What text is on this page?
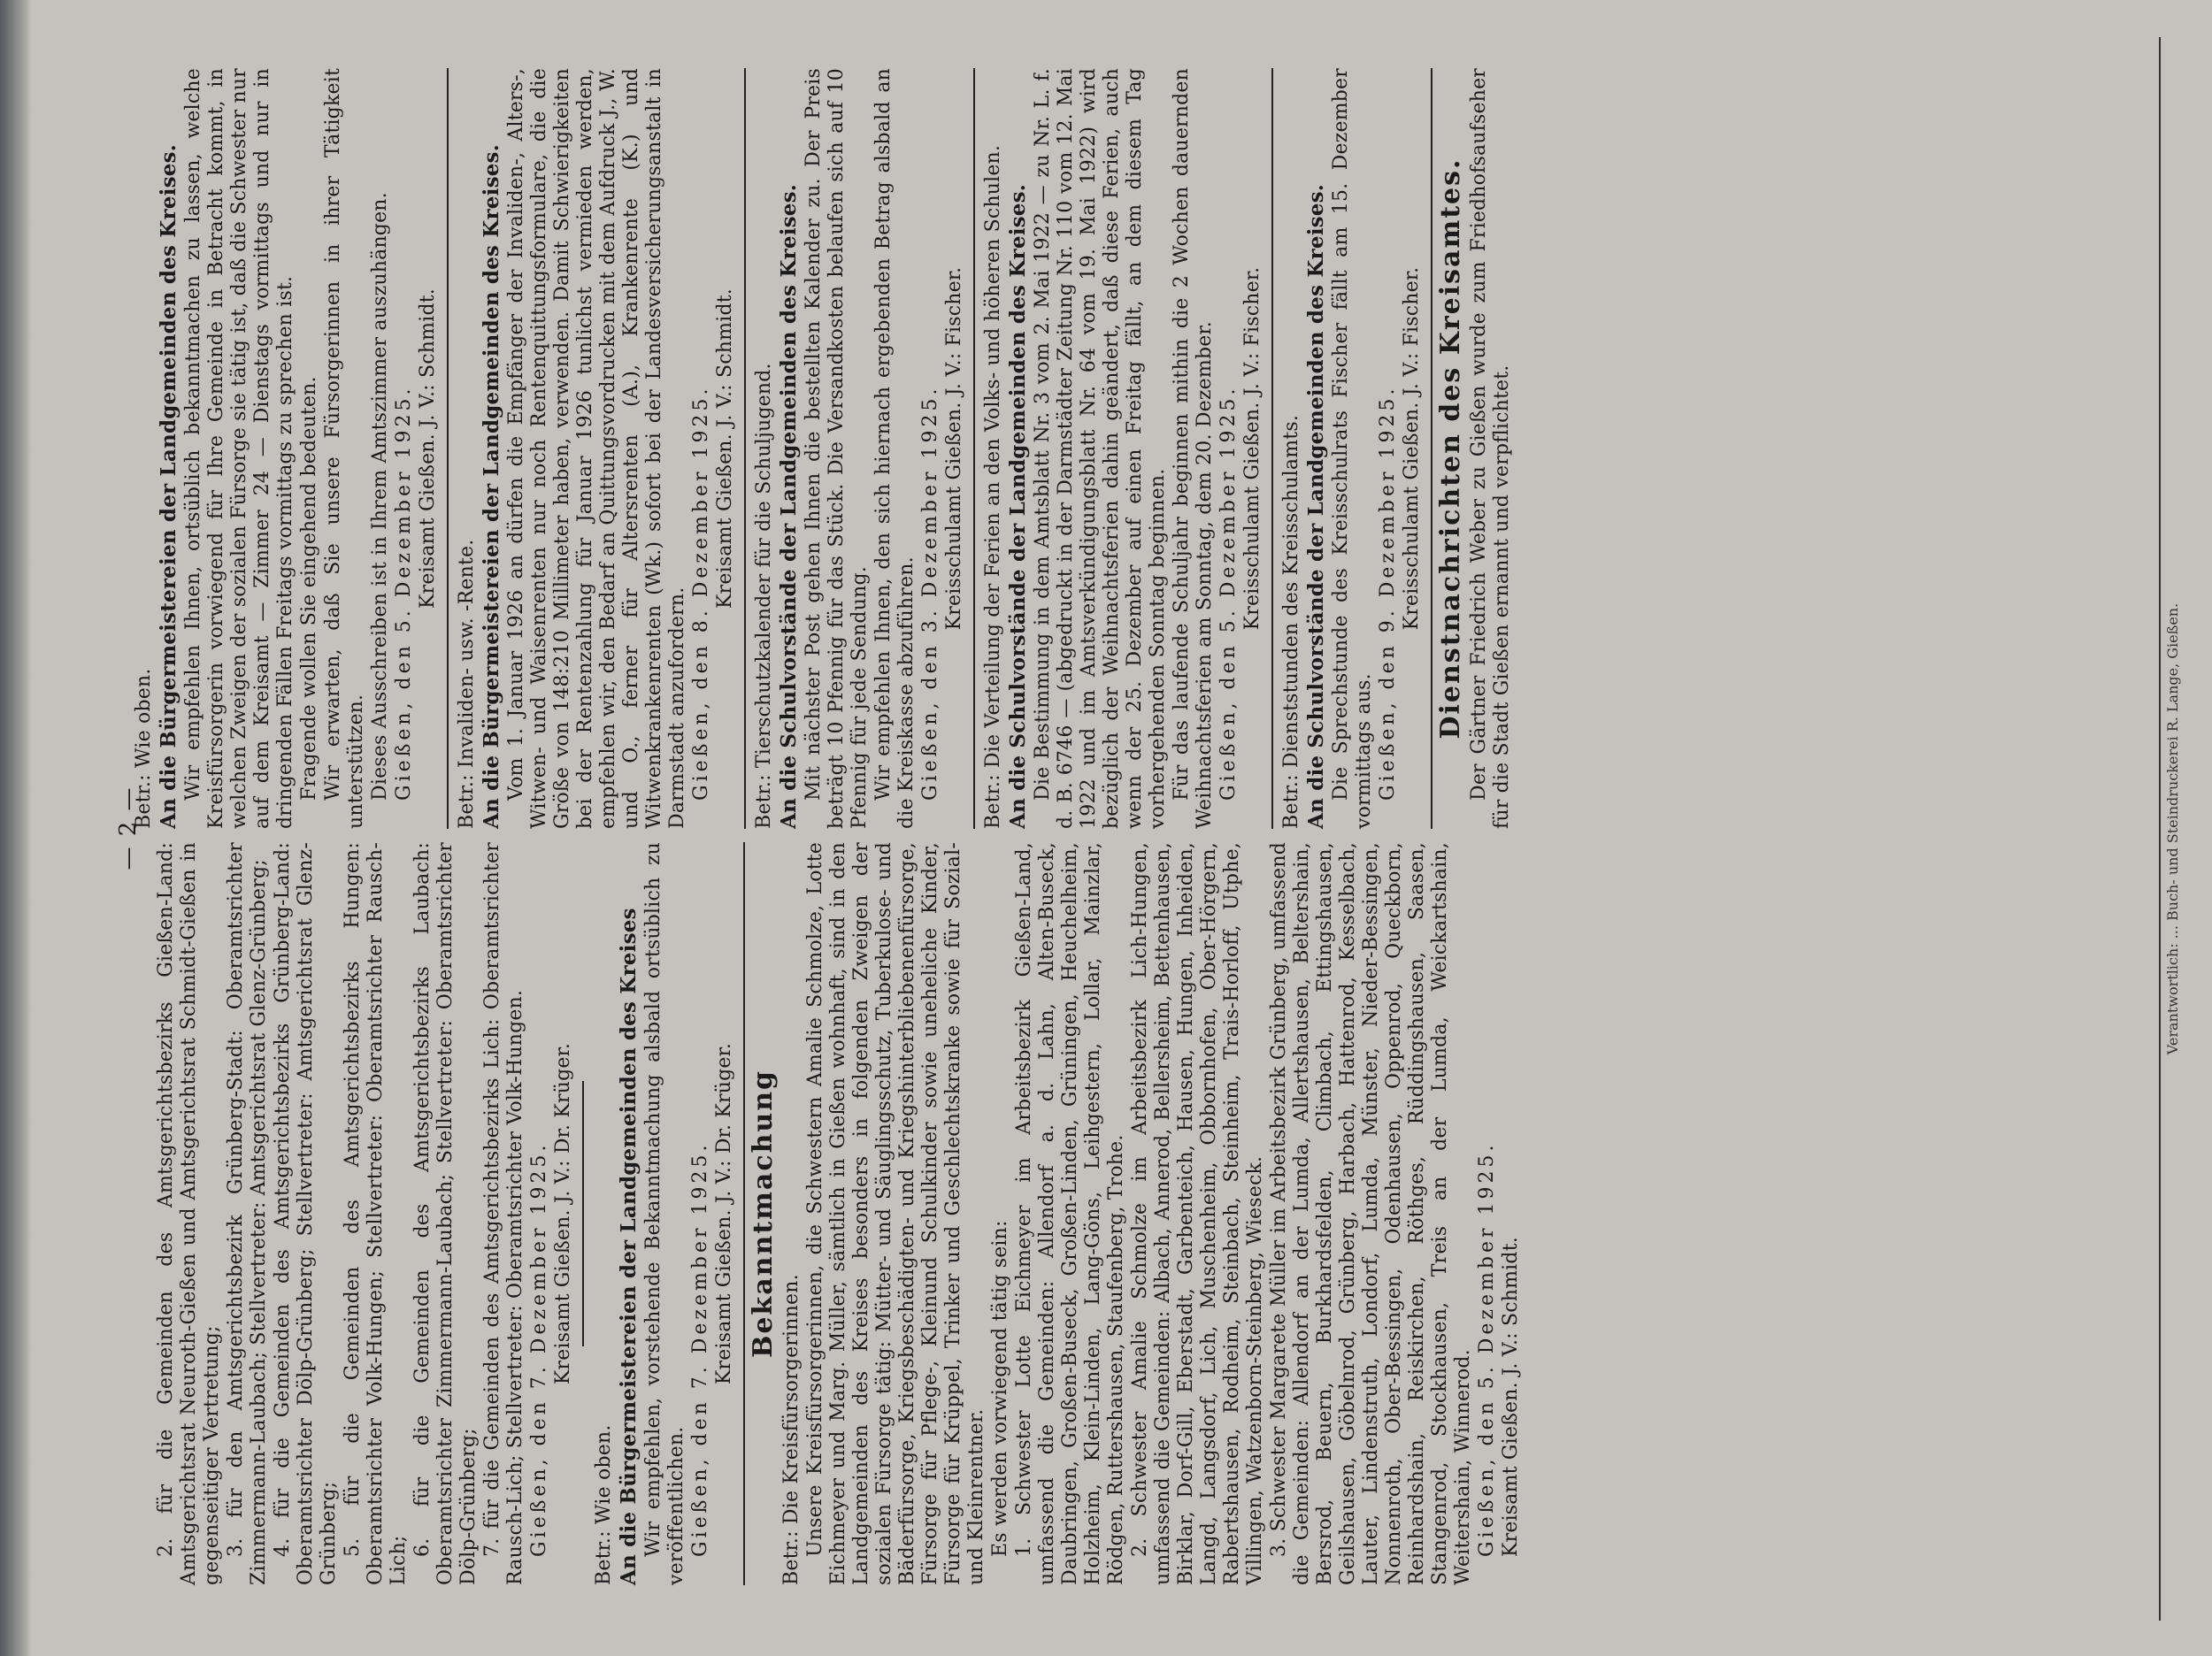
— 2 —

2. für die Gemeinden des Amtsgerichtsbezirks Gießen-Land: Amtsgerichtsrat Neuroth-Gießen und Amtsgerichtsrat Schmidt-Gießen in gegenseitiger Vertretung; 3. für den Amtsgerichtsbezirk Grünberg-Stadt: Oberamtsrichter Zimmermann-Laubach; Stellvertreter: Amtsgerichtsrat Glenz-Grünberg; 4. für die Gemeinden des Amtsgerichtsbezirks Grünberg-Land: Oberamtsrichter Dölp-Grünberg; Stellvertreter: Amtsgerichtsrat Glenz-Grünberg; 5. für die Gemeinden des Amtsgerichtsbezirks Hungen: Oberamtsrichter Volk-Hungen; Stellvertreter: Oberamtsrichter Rausch-Lich;

6. für die Gemeinden des Amtsgerichtsbezirks Laubach: Oberamtsrichter Zimmermann-Laubach; Stellvertreter: Oberamtsrichter Dölp-Grünberg; 7. für die Gemeinden des Amtsgerichtsbezirks Lich: Oberamtsrichter Rausch-Lich; Stellvertreter: Oberamtsrichter Volk-Hungen. Gießen, den 7. Dezember 1925. Kreisamt Gießen. J. V.: Dr. Krüger.

Betr.: Wie oben. An die Bürgermeistereien der Landgemeinden des Kreises Wir empfehlen, vorstehende Bekanntmachung alsbald ortsüblich zu veröffentlichen. Gießen, den 7. Dezember 1925. Kreisamt Gießen. J. V.: Dr. Krüger. Bekanntmachung

Betr.: Die Kreisfürsorgerinnen. Unsere Kreisfürsorgerinnen, die Schwestern Amalie Schmolze, Lotte Eichmeyer und Marg. Müller, sämtlich in Gießen wohnhaft, sind in den Landgemeinden des Kreises besonders in folgenden Zweigen der sozialen Fürsorge tätig: Mütter- und Säuglingsschutz, Tuberkulose- und Bäderfürsorge, Kriegsbeschädigten- und Kriegshinterbliebenenfürsorge, Fürsorge für Pflege-, Kleinund Schulkinder sowie uneheliche Kinder, Fürsorge für Krüppel, Trinker und Geschlechtskranke sowie für Sozial- und Kleinrentner. Es werden vorwiegend tätig sein: 1. Schwester Lotte Eichmeyer im Arbeitsbezirk Gießen-Land, umfassend die Gemeinden: Allendorf a. d. Lahn, Alten-Buseck, Daubringen, Großen-Buseck, Großen-Linden, Grüningen, Heuchelheim, Holzheim, Klein-Linden, Lang-Göns, Leihgestern, Lollar, Mainzlar, Rödgen, Ruttershausen, Staufenberg, Trohe. 2. Schwester Amalie Schmolze im Arbeitsbezirk Lich-Hungen, umfassend die Gemeinden: Albach, Annerod, Bellersheim, Bettenhausen, Birklar, Dorf-Gill, Eberstadt, Garbenteich, Hausen, Hungen, Inheiden, Langd, Langsdorf, Lich, Muschenheim, Obbornhofen, Ober-Hörgern, Rabertshausen, Rodheim, Steinbach, Steinheim, Trais-Horloff, Utphe, Villingen, Watzenborn-Steinberg, Wieseck. 3. Schwester Margarete Müller im Arbeitsbezirk Grünberg, umfassend die Gemeinden: Allendorf an der Lumda, Allertshausen, Beltershain, Bersrod, Beuern, Burkhardsfelden, Climbach, Ettingshausen, Geilshausen, Göbelnrod, Grünberg, Harbach, Hattenrod, Kesselbach, Lauter, Lindenstruth, Londorf, Lumda, Münster, Nieder-Bessingen, Nonnenroth, Ober-Bessingen, Odenhausen, Oppenrod, Queckborn, Reinhardshain, Reiskirchen, Röthges, Rüddingshausen, Saasen, Stangenrod, Stockhausen, Treis an der Lumda, Weickartshain, Weitershain, Winnerod. Gießen, den 5. Dezember 1925. Kreisamt Gießen. J. V.: Schmidt.

Betr.: Wie oben. An die Bürgermeistereien der Landgemeinden des Kreises. Wir empfehlen Ihnen, ortsüblich bekanntmachen zu lassen, welche Kreisfürsorgerin vorwiegend für Ihre Gemeinde in Betracht kommt, in welchen Zweigen der sozialen Fürsorge sie tätig ist, daß die Schwester nur auf dem Kreisamt — Zimmer 24 — Dienstags vormittags und nur in dringenden Fällen Freitags vormittags zu sprechen ist. Fragende wollen Sie eingehend bedeuten. Wir erwarten, daß Sie unsere Fürsorgerinnen in ihrer Tätigkeit unterstützen. Dieses Ausschreiben ist in Ihrem Amtszimmer auszuhängen. Gießen, den 5. Dezember 1925. Kreisamt Gießen. J. V.: Schmidt.

Betr.: Invaliden- usw. -Rente. An die Bürgermeistereien der Landgemeinden des Kreises. Vom 1. Januar 1926 an dürfen die Empfänger der Invaliden-, Alters-, Witwen- und Waisenrenten nur noch Rentenquittungsformulare, die die Größe von 148:210 Millimeter haben, verwenden. Damit Schwierigkeiten bei der Rentenzahlung für Januar 1926 tunlichst vermieden werden, empfehlen wir, den Bedarf an Quittungsvordrucken mit dem Aufdruck J., W. und O., ferner für Altersrenten (A.), Krankenrente (K.) und Witwenkrankenrenten (Wk.) sofort bei der Landesversicherungsanstalt in Darmstadt anzufordern. Gießen, den 8. Dezember 1925. Kreisamt Gießen. J. V.: Schmidt. Betr.: Tierschutzkalender für die Schuljugend. An die Schulvorstände der Landgemeinden des Kreises. Mit nächster Post gehen Ihnen die bestellten Kalender zu. Der Preis beträgt 10 Pfennig für das Stück. Die Versandkosten belaufen sich auf 10 Pfennig für jede Sendung. Wir empfehlen Ihnen, den sich hiernach ergebenden Betrag alsbald an die Kreiskasse abzuführen. Gießen, den 3. Dezember 1925. Kreisschulamt Gießen. J. V.: Fischer. Betr.: Die Verteilung der Ferien an den Volks- und höheren Schulen. An die Schulvorstände der Landgemeinden des Kreises. Die Bestimmung in dem Amtsblatt Nr. 3 vom 2. Mai 1922 — zu Nr. L. f. d. B. 6746 — (abgedruckt in der Darmstädter Zeitung Nr. 110 vom 12. Mai 1922 und im Amtsverkündigungsblatt Nr. 64 vom 19. Mai 1922) wird bezüglich der Weihnachtsferien dahin geändert, daß diese Ferien, auch wenn der 25. Dezember auf einen Freitag fällt, an dem diesem Tag vorhergehenden Sonntag beginnen. Für das laufende Schuljahr beginnen mithin die 2 Wochen dauernden Weihnachtsferien am Sonntag, dem 20. Dezember. Gießen, den 5. Dezember 1925. Kreisschulamt Gießen. J. V.: Fischer. Betr.: Dienststunden des Kreisschulamts. An die Schulvorstände der Landgemeinden des Kreises. Die Sprechstunde des Kreisschulrats Fischer fällt am 15. Dezember vormittags aus. Gießen, den 9. Dezember 1925. Kreisschulamt Gießen. J. V.: Fischer. Dienstnachrichten des Kreisamtes. Der Gärtner Friedrich Weber zu Gießen wurde zum Friedhofsaufseher für die Stadt Gießen ernannt und verpflichtet.	Verantwortlich: ... Buch- und Steindruckerei R. Lange, Gießen.
